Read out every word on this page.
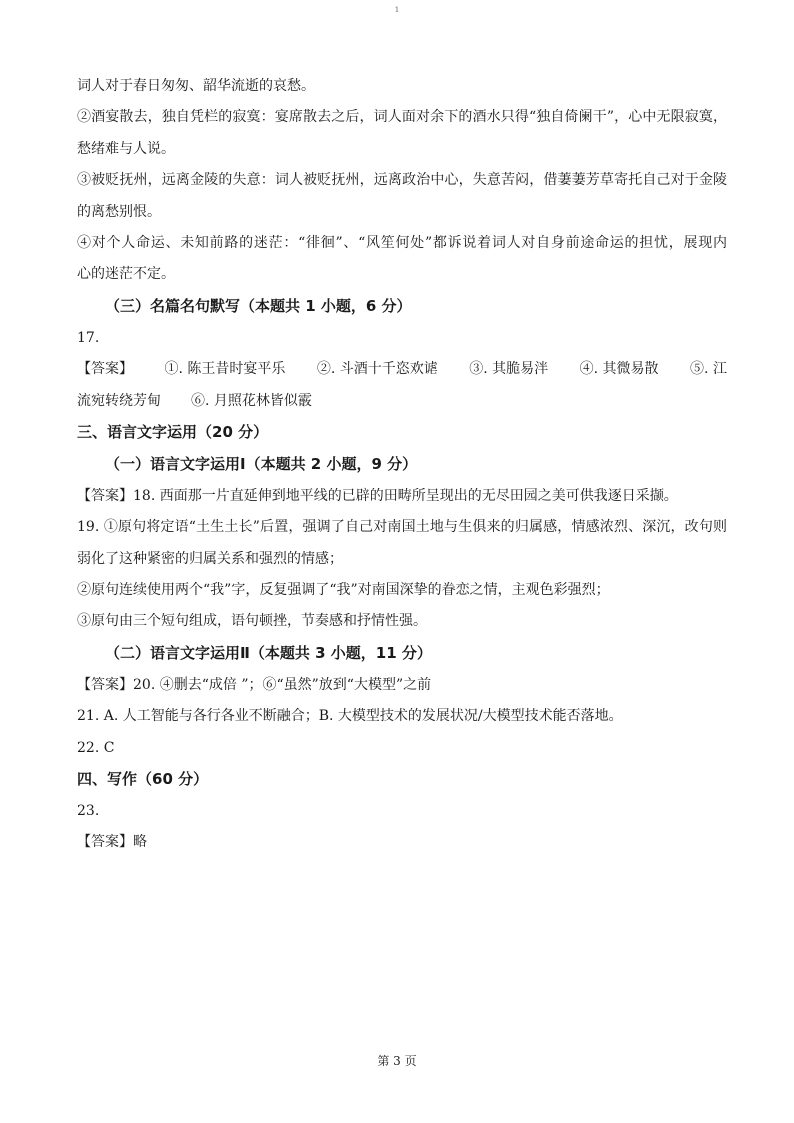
1
词人对于春日匆匆、韶华流逝的哀愁。
②酒宴散去，独自凭栏的寂寞：宴席散去之后，词人面对余下的酒水只得“独自倚阑干”，心中无限寂寞，
愁绪难与人说。
③被贬抚州，远离金陵的失意：词人被贬抚州，远离政治中心，失意苦闷，借萋萋芳草寄托自己对于金陵
的离愁别恨。
④对个人命运、未知前路的迷茫：“徘徊”、“风笙何处”都诉说着词人对自身前途命运的担忧，展现内
心的迷茫不定。
（三）名篇名句默写（本题共 1 小题，6 分）
17.
【答案】 ①. 陈王昔时宴平乐 ②. 斗酒十千恣欢谑 ③. 其脆易泮 ④. 其微易散 ⑤. 江
流宛转绕芳甸 ⑥. 月照花林皆似霰
三、语言文字运用（20 分）
（一）语言文字运用Ⅰ（本题共 2 小题，9 分）
【答案】18. 西面那一片直延伸到地平线的已辟的田畴所呈现出的无尽田园之美可供我逐日采撷。
19. ①原句将定语“土生土长”后置，强调了自己对南国土地与生俱来的归属感，情感浓烈、深沉，改句则
弱化了这种紧密的归属关系和强烈的情感；
②原句连续使用两个“我”字，反复强调了“我”对南国深挚的眷恋之情，主观色彩强烈；
③原句由三个短句组成，语句顿挫，节奏感和抒情性强。
（二）语言文字运用Ⅱ（本题共 3 小题，11 分）
【答案】20. ④删去“成倍 ”；⑥“虽然”放到“大模型”之前
21. A. 人工智能与各行各业不断融合；B. 大模型技术的发展状况/大模型技术能否落地。
22. C
四、写作（60 分）
23.
【答案】略
第 3 页
